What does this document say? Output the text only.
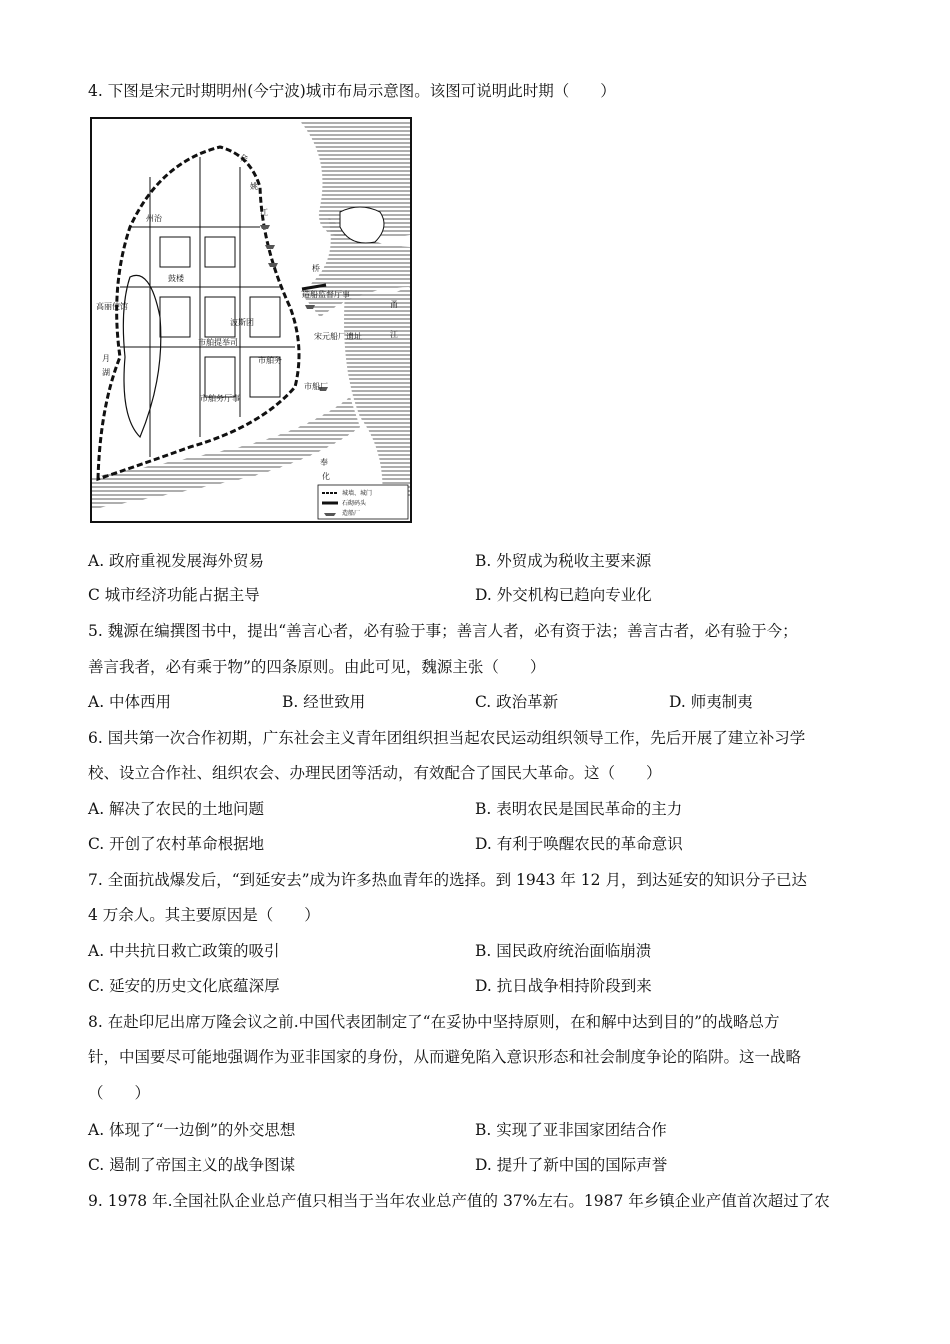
4. 下图是宋元时期明州(今宁波)城市布局示意图。该图可说明此时期（　　）
余
姚
江
州治
鼓楼
高丽使馆
波斯团
市舶提举司
市舶务
市舶务厅事
造船监督厅事
宋元船厂遗址
市船厂
桥
月
湖
甬
江
奉
化
城墙、城门
石砌码头
造船厂
A. 政府重视发展海外贸易	B. 外贸成为税收主要来源
C 城市经济功能占据主导	D. 外交机构已趋向专业化
5. 魏源在编撰图书中，提出“善言心者，必有验于事；善言人者，必有资于法；善言古者，必有验于今；
善言我者，必有乘于物”的四条原则。由此可见，魏源主张（　　）
A. 中体西用	B. 经世致用	C. 政治革新	D. 师夷制夷
6. 国共第一次合作初期，广东社会主义青年团组织担当起农民运动组织领导工作，先后开展了建立补习学
校、设立合作社、组织农会、办理民团等活动，有效配合了国民大革命。这（　　）
A. 解决了农民的土地问题	B. 表明农民是国民革命的主力
C. 开创了农村革命根据地	D. 有利于唤醒农民的革命意识
7. 全面抗战爆发后，“到延安去”成为许多热血青年的选择。到 1943 年 12 月，到达延安的知识分子已达
4 万余人。其主要原因是（　　）
A. 中共抗日救亡政策的吸引	B. 国民政府统治面临崩溃
C. 延安的历史文化底蕴深厚	D. 抗日战争相持阶段到来
8. 在赴印尼出席万隆会议之前.中国代表团制定了“在妥协中坚持原则，在和解中达到目的”的战略总方
针，中国要尽可能地强调作为亚非国家的身份，从而避免陷入意识形态和社会制度争论的陷阱。这一战略
（　　）
A. 体现了“一边倒”的外交思想	B. 实现了亚非国家团结合作
C. 遏制了帝国主义的战争图谋	D. 提升了新中国的国际声誉
9. 1978 年.全国社队企业总产值只相当于当年农业总产值的 37%左右。1987 年乡镇企业产值首次超过了农
